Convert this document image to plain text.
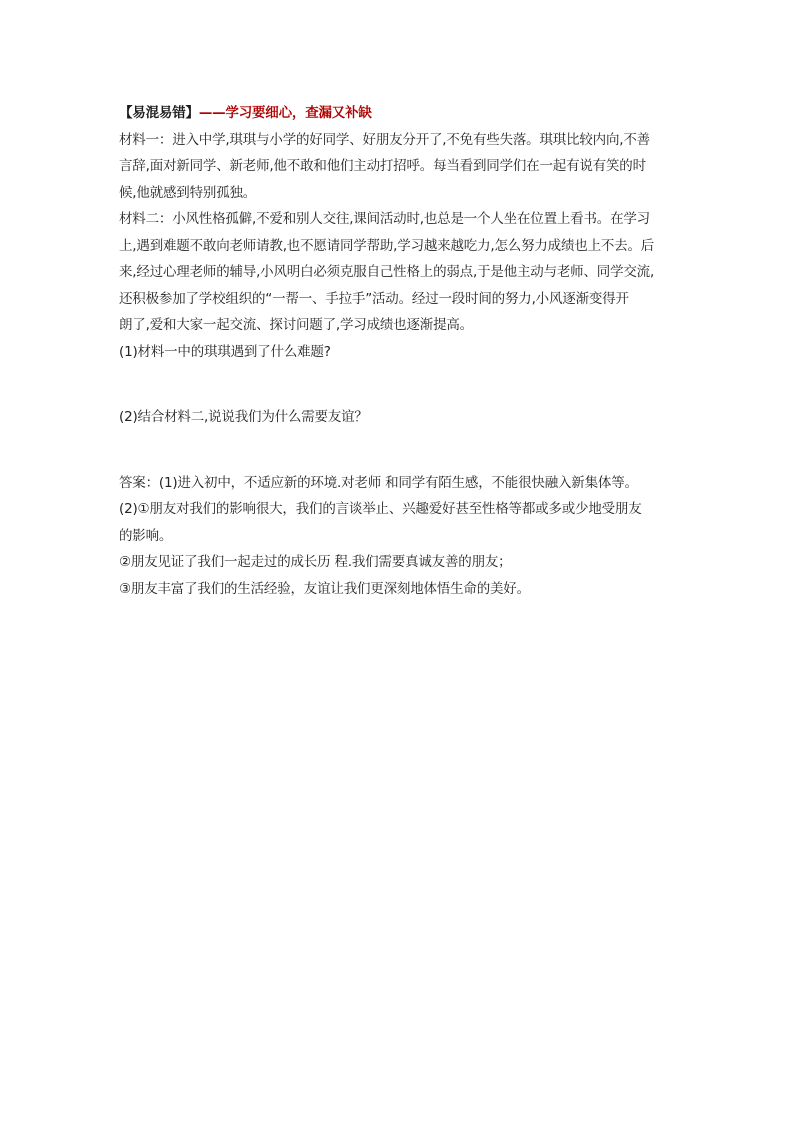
【易混易错】——学习要细心，查漏又补缺
材料一：进入中学,琪琪与小学的好同学、好朋友分开了,不免有些失落。琪琪比较内向,不善
言辞,面对新同学、新老师,他不敢和他们主动打招呼。每当看到同学们在一起有说有笑的时
候,他就感到特别孤独。
材料二：小风性格孤僻,不爱和别人交往,课间活动时,也总是一个人坐在位置上看书。在学习
上,遇到难题不敢向老师请教,也不愿请同学帮助,学习越来越吃力,怎么努力成绩也上不去。后
来,经过心理老师的辅导,小风明白必须克服自己性格上的弱点,于是他主动与老师、同学交流,
还积极参加了学校组织的“一帮一、手拉手”活动。经过一段时间的努力,小风逐渐变得开
朗了,爱和大家一起交流、探讨问题了,学习成绩也逐渐提高。
(1)材料一中的琪琪遇到了什么难题?
(2)结合材料二,说说我们为什么需要友谊？
答案：(1)进入初中，不适应新的环境.对老师 和同学有陌生感，不能很快融入新集体等。
(2)①朋友对我们的影响很大，我们的言谈举止、兴趣爱好甚至性格等都或多或少地受朋友
的影响。
②朋友见证了我们一起走过的成长历 程.我们需要真诚友善的朋友；
③朋友丰富了我们的生活经验，友谊让我们更深刻地体悟生命的美好。
